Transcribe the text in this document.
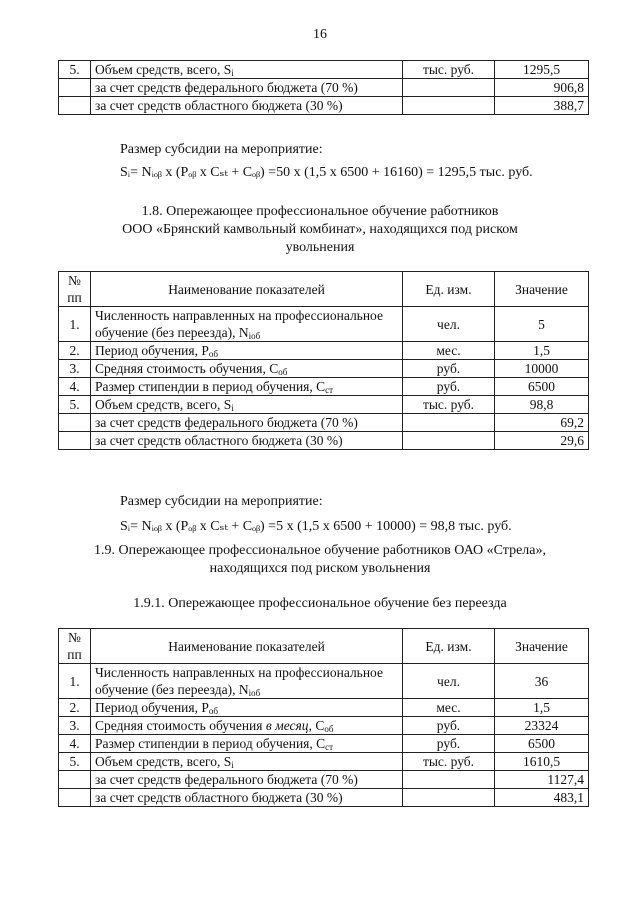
16
5.	Объем средств, всего, $S_i$	тыс. руб.	1295,5
	за счет средств федерального бюджета (70 %)		906,8
	за счет средств областного бюджета (30 %)		388,7
Размер субсидии на мероприятие:
Sᵢ= Nᵢₒᵦ х (Рₒᵦ х Сₛₜ + Сₒᵦ) =50 х (1,5 х 6500 + 16160) = 1295,5 тыс. руб.
1.8. Опережающее профессиональное обучение работников
ООО «Брянский камвольный комбинат», находящихся под риском
увольнения
№ пп	Наименование показателей	Ед. изм.	Значение
1.	Численность направленных на профессиональное обучение (без переезда), $N_{iоб}$	чел.	5
2.	Период обучения, $Р_{об}$	мес.	1,5
3.	Средняя стоимость обучения, $С_{об}$	руб.	10000
4.	Размер стипендии в период обучения, $С_{ст}$	руб.	6500
5.	Объем средств, всего, $S_i$	тыс. руб.	98,8
	за счет средств федерального бюджета (70 %)		69,2
	за счет средств областного бюджета (30 %)		29,6
Размер субсидии на мероприятие:
Sᵢ= Nᵢₒᵦ х (Рₒᵦ х Сₛₜ + Сₒᵦ) =5 х (1,5 х 6500 + 10000) = 98,8 тыс. руб.
1.9. Опережающее профессиональное обучение работников ОАО «Стрела»,
находящихся под риском увольнения
1.9.1. Опережающее профессиональное обучение без переезда
№ пп	Наименование показателей	Ед. изм.	Значение
1.	Численность направленных на профессиональное обучение (без переезда), $N_{iоб}$	чел.	36
2.	Период обучения, $Р_{об}$	мес.	1,5
3.	Средняя стоимость обучения в месяц, $С_{об}$	руб.	23324
4.	Размер стипендии в период обучения, $С_{ст}$	руб.	6500
5.	Объем средств, всего, $S_i$	тыс. руб.	1610,5
	за счет средств федерального бюджета (70 %)		1127,4
	за счет средств областного бюджета (30 %)		483,1
